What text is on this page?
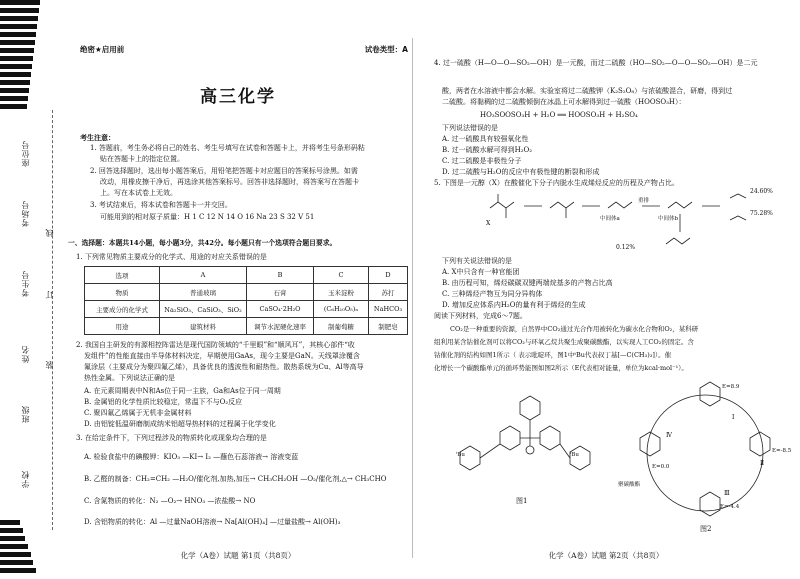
座位号
考场号
考生号
线
订
姓名
装
班级
学校
绝密★启用前	试卷类型：A
高三化学
考生注意：
1. 答题前，考生务必将自己的姓名、考生号填写在试卷和答题卡上，并将考生号条形码粘
贴在答题卡上的指定位置。
2. 回答选择题时，选出每小题答案后，用铅笔把答题卡对应题目的答案标号涂黑。如需
改动，用橡皮擦干净后，再选涂其他答案标号。回答非选择题时，将答案写在答题卡
上。写在本试卷上无效。
3. 考试结束后，将本试卷和答题卡一并交回。
可能用到的相对原子质量：H 1 C 12 N 14 O 16 Na 23 S 32 V 51
一、选择题：本题共14小题，每小题3分，共42分。每小题只有一个选项符合题目要求。
1. 下列常见物质主要成分的化学式、用途的对应关系错误的是
选项	A	B	C	D
物质	普通玻璃	石膏	玉米淀粉	苏打
主要成分的化学式	Na₂SiO₃、CaSiO₃、SiO₂	CaSO₄·2H₂O	(C₆H₁₀O₅)ₙ	NaHCO₃
用途	建筑材料	调节水泥硬化速率	制葡萄糖	制肥皂
2. 我国自主研发的有源相控阵雷达是现代国防领域的“千里眼”和“顺风耳”，其核心部件“收
发组件”的性能直接由半导体材料决定，早期使用GaAs，现今主要是GaN。天线罩涂覆含
氟涂层（主要成分为聚四氟乙烯），具备优良的透波性和耐热性。散热系统为Cu、Al等高导
热性金属。下列说法正确的是
A. 在元素周期表中N和As位于同一主族，Ga和As位于同一周期
B. 金属铝的化学性质比较稳定，常温下不与O₂反应
C. 聚四氟乙烯属于无机非金属材料
D. 由铝锭低温研磨制成纳米铝超导热材料的过程属于化学变化
3. 在给定条件下，下列过程涉及的物质转化或现象均合理的是
A. 检验食盐中的碘酸钾：KIO₃ —KI→ I₂ —蘸色石蕊溶液→ 溶液变蓝
B. 乙醛的制备：CH₂=CH₂ —H₂O/催化剂,加热,加压→ CH₃CH₂OH —O₂/催化剂,△→ CH₃CHO
C. 含氮物质的转化：N₂ —O₂→ HNO₃ —浓盐酸→ NO
D. 含铝物质的转化：Al —过量NaOH溶液→ Na[Al(OH)₄] —过量盐酸→ Al(OH)₃
化学（A卷）试题 第1页（共8页）
4. 过一硫酸（H—O—O—SO₂—OH）是一元酸，而过二硫酸（HO—SO₂—O—O—SO₂—OH）是二元
酸，两者在水溶液中都会水解。实验室将过二硫酸钾（K₂S₂O₈）与浓硫酸混合，研磨，得到过
二硫酸。将黏稠的过二硫酸倾倒在冰晶上可水解得到过一硫酸（HOOSO₃H）：
HO₃SOOSO₃H + H₂O ══ HOOSO₃H + H₂SO₄
下列说法错误的是
A. 过一硫酸具有较强氧化性
B. 过一硫酸水解可得到H₂O₂
C. 过二硫酸是非极性分子
D. 过二硫酸与H₂O的反应中有极性键的断裂和形成
5. 下图是一元醇（X）在酸催化下分子内脱水生成烯烃反应的历程及产物占比。
X
中间体a	中间体b
重排
24.60%
75.28%
0.12%
下列有关说法错误的是
A. X中只含有一种官能团
B. 由历程可知，烯烃碳碳双键两端烷基多的产物占比高
C. 三种烯烃产物互为同分异构体
D. 增加反应体系内H₂O的量有利于烯烃的生成
阅读下列材料，完成6～7题。
CO₂是一种重要的资源，自然界中CO₂通过光合作用被转化为碳水化合物和O₂，某科研
组利用某含钴催化剂可以将CO₂与环氧乙烷共聚生成聚碳酸酯，以实现人工CO₂的固定。含
钴催化剂的结构如图1所示（ 表示吡啶环，图1中ᵗBu代表叔丁基[—C(CH₃)₃]）。催
化增长一个碳酸酯单元的循环势能图如图2所示（E代表相对能量，单位为kcal·mol⁻¹）。
ᵗBu	ᵗBu
图1
E=8.9
E=-8.5
E=-4.4
E=0.0
聚碳酸酯
Ⅰ
Ⅱ
Ⅲ
Ⅳ
图2
化学（A卷）试题 第2页（共8页）
